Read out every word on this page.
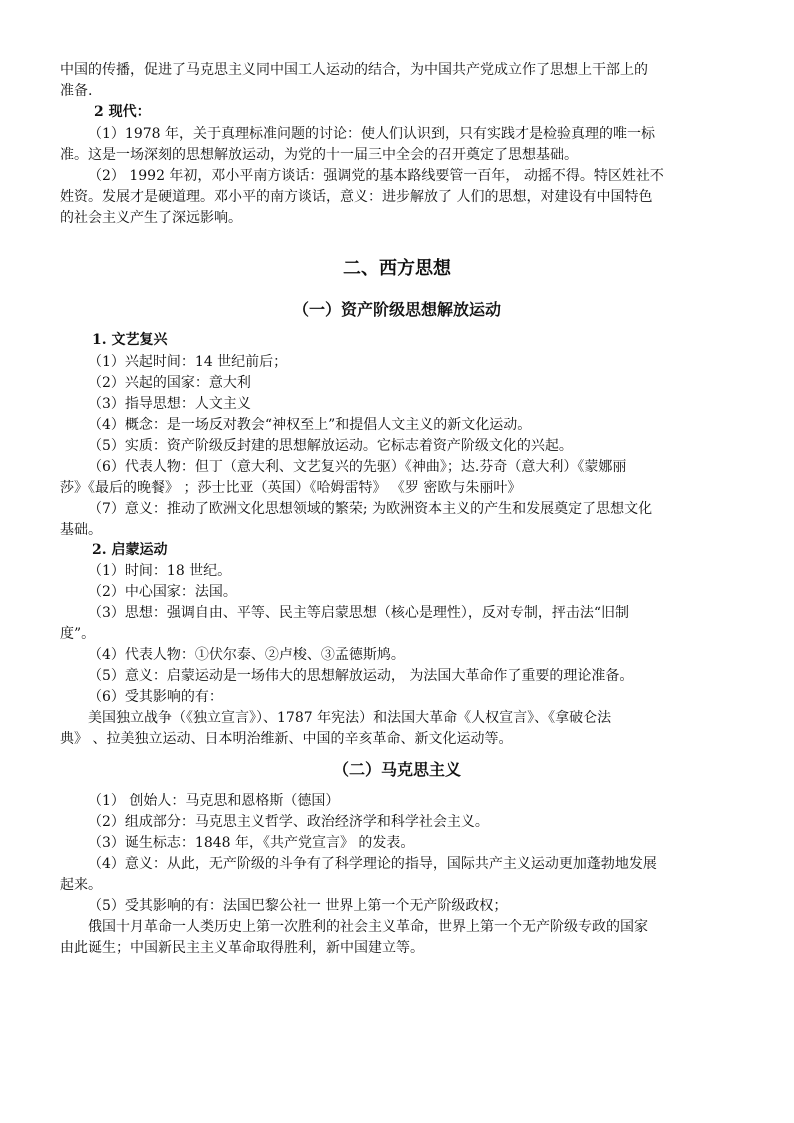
中国的传播，促进了马克思主义同中国工人运动的结合，为中国共产党成立作了思想上干部上的
准备.
2 现代：
（1）1978 年，关于真理标准问题的讨论：使人们认识到，只有实践才是检验真理的唯一标
准。这是一场深刻的思想解放运动，为党的十一届三中全会的召开奠定了思想基础。
（2） 1992 年初，邓小平南方谈话：强调党的基本路线要管一百年， 动摇不得。特区姓社不
姓资。发展才是硬道理。邓小平的南方谈话，意义：进步解放了 人们的思想，对建设有中国特色
的社会主义产生了深远影响。
二、西方思想
（一）资产阶级思想解放运动
1. 文艺复兴
（1）兴起时间：14 世纪前后；
（2）兴起的国家：意大利
（3）指导思想：人文主义
（4）概念：是一场反对教会“神权至上”和提倡人文主义的新文化运动。
（5）实质：资产阶级反封建的思想解放运动。它标志着资产阶级文化的兴起。
（6）代表人物：但丁（意大利、文艺复兴的先驱）《神曲》；达.芬奇（意大利）《蒙娜丽
莎》《最后的晚餐》 ；莎士比亚（英国）《哈姆雷特》 《罗 密欧与朱丽叶》
（7）意义：推动了欧洲文化思想领域的繁荣; 为欧洲资本主义的产生和发展奠定了思想文化
基础。
2. 启蒙运动
（1）时间：18 世纪。
（2）中心国家：法国。
（3）思想：强调自由、平等、民主等启蒙思想（核心是理性），反对专制，抨击法“旧制
度”。
（4）代表人物：①伏尔泰、②卢梭、③孟德斯鸠。
（5）意义：启蒙运动是一场伟大的思想解放运动， 为法国大革命作了重要的理论准备。
（6）受其影响的有：
美国独立战争（《独立宣言》）、1787 年宪法）和法国大革命《人权宣言》、《拿破仑法
典》 、拉美独立运动、日本明治维新、中国的辛亥革命、新文化运动等。
（二）马克思主义
（1） 创始人：马克思和恩格斯（德国）
（2）组成部分：马克思主义哲学、政治经济学和科学社会主义。
（3）诞生标志：1848 年，《共产党宣言》 的发表。
（4）意义：从此，无产阶级的斗争有了科学理论的指导，国际共产主义运动更加蓬勃地发展
起来。
（5）受其影响的有：法国巴黎公社一 世界上第一个无产阶级政权；
俄国十月革命一人类历史上第一次胜利的社会主义革命，世界上第一个无产阶级专政的国家
由此诞生；中国新民主主义革命取得胜利，新中国建立等。
